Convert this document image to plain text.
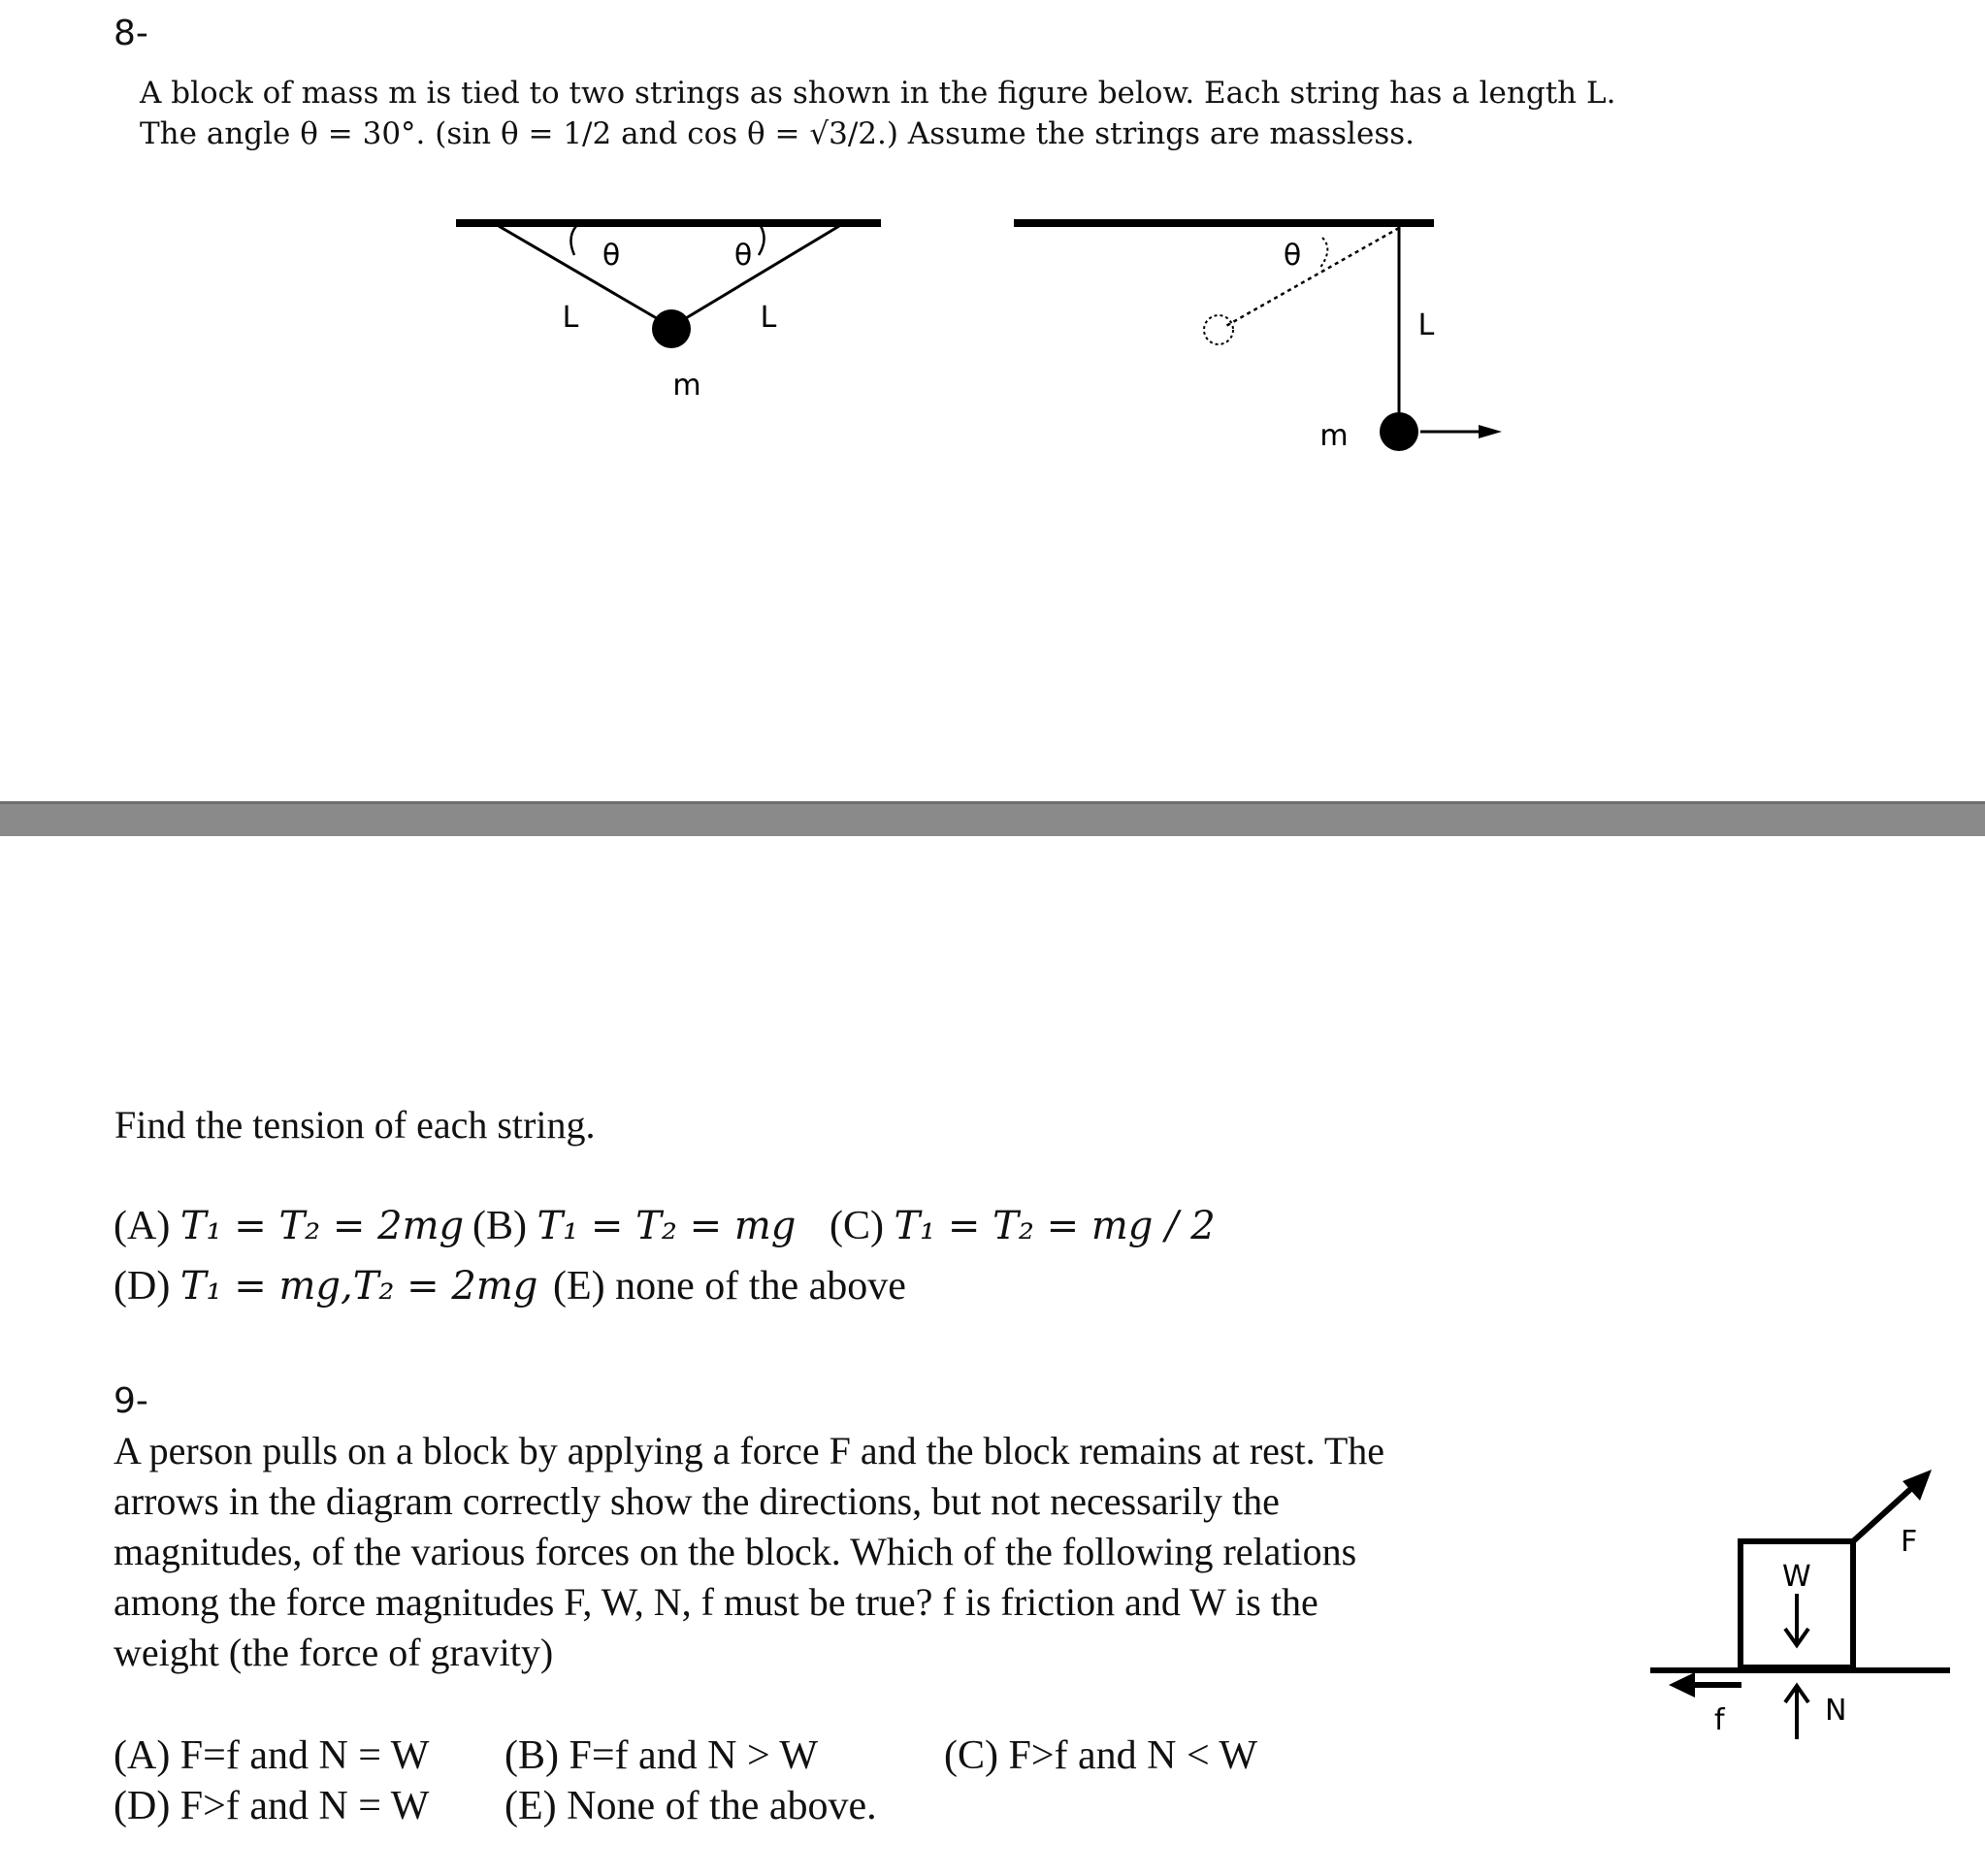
8-
A block of mass m is tied to two strings as shown in the figure below. Each string has a length L.
The angle θ = 30°. (sin θ = 1/2 and cos θ = √3/2.) Assume the strings are massless.
θ	θ
L	L
m
θ
L
m
Find the tension of each string.
(A) T₁ = T₂ = 2mg (B) T₁ = T₂ = mg (C) T₁ = T₂ = mg / 2
(D) T₁ = mg,T₂ = 2mg (E) none of the above
9-
A person pulls on a block by applying a force F and the block remains at rest. The
arrows in the diagram correctly show the directions, but not necessarily the
magnitudes, of the various forces on the block. Which of the following relations
among the force magnitudes F, W, N, f must be true? f is friction and W is the
weight (the force of gravity)
F
W
N
f
(A) F=f and N = W (B) F=f and N > W	(C) F>f and N < W
(D) F>f and N = W (E) None of the above.
